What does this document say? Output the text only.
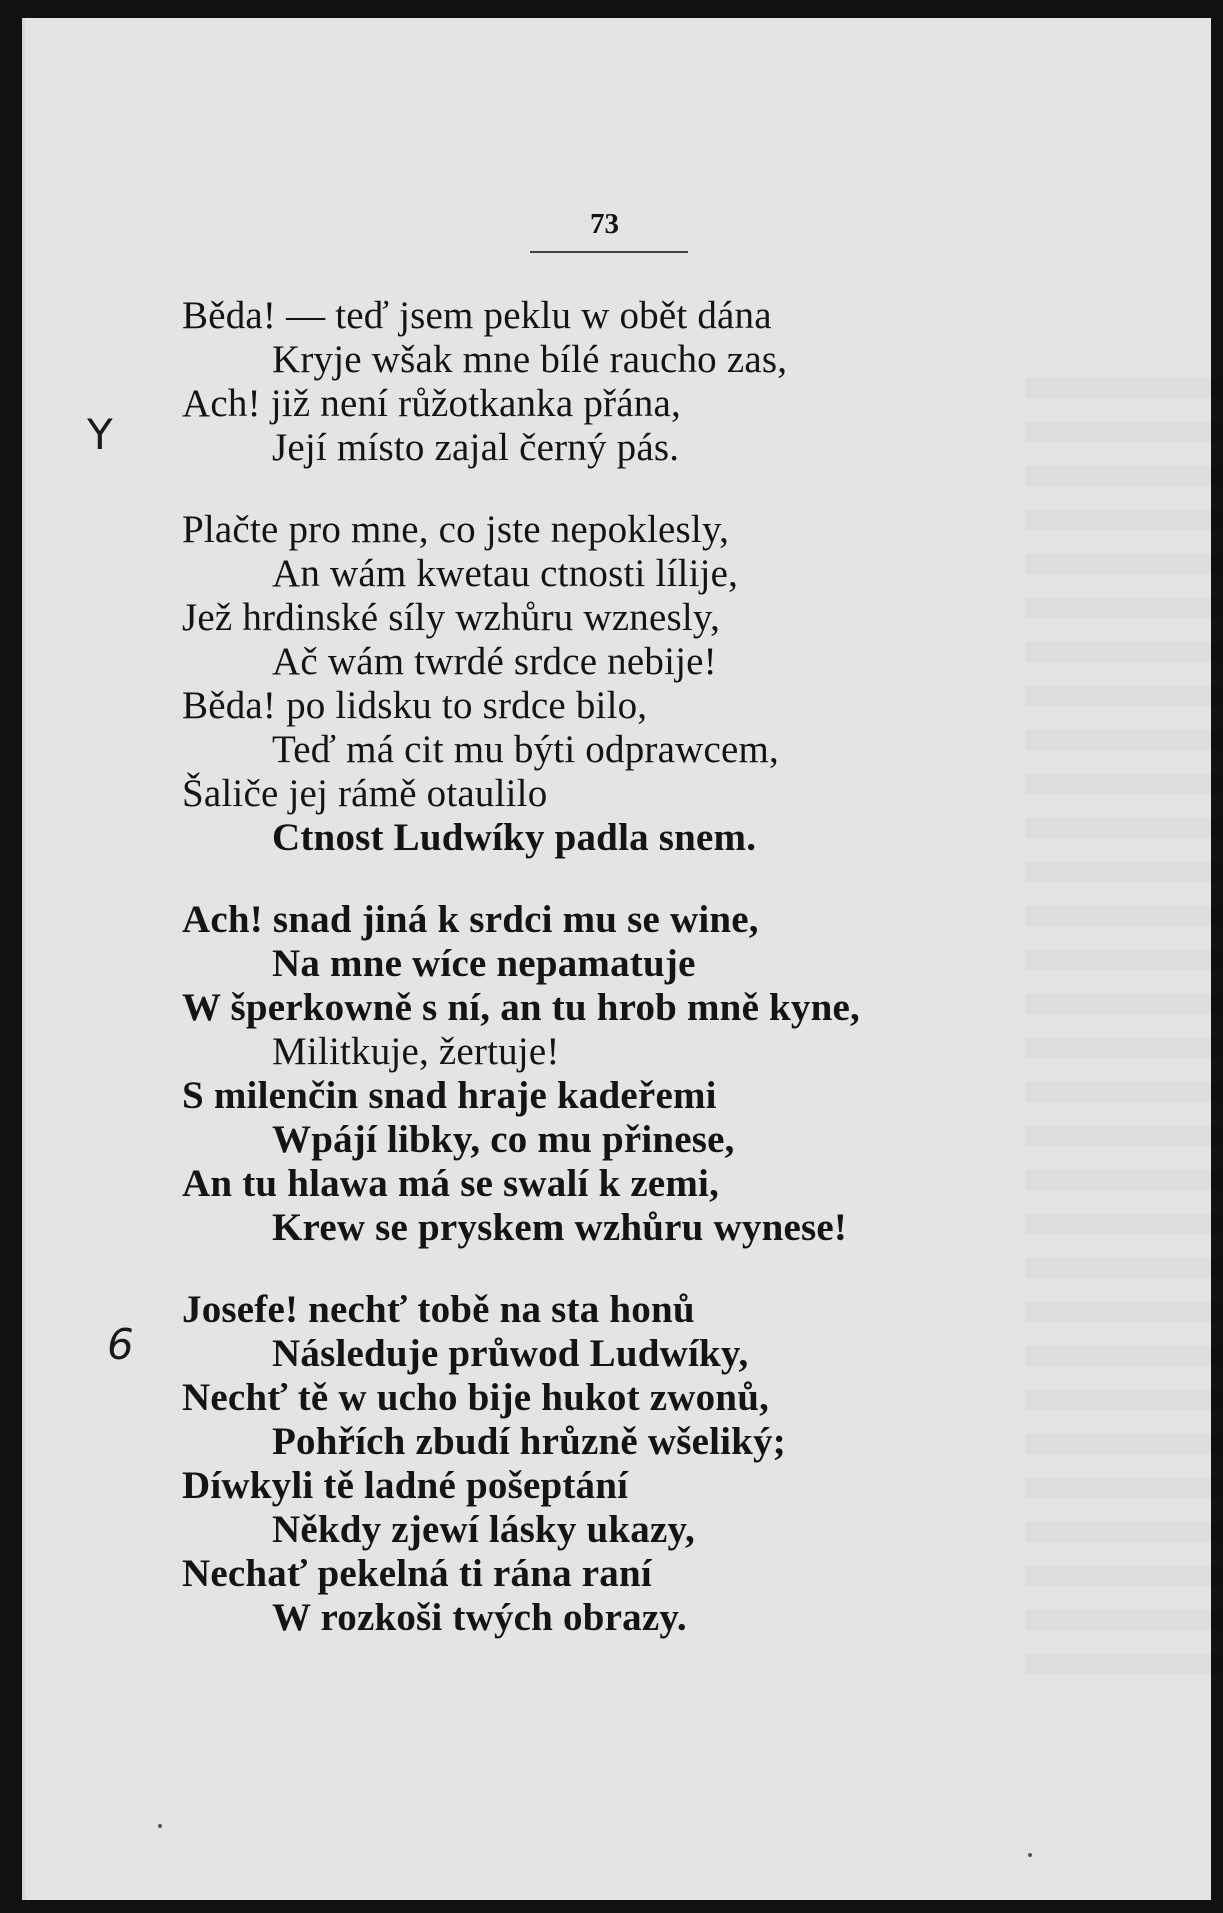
73
Y
6
Běda! — teď jsem peklu w obět dána
Kryje wšak mne bílé raucho zas,
Ach! již není růžotkanka přána,
Její místo zajal černý pás.
Plačte pro mne, co jste nepoklesly,
An wám kwetau ctnosti lílije,
Jež hrdinské síly wzhůru wznesly,
Ač wám twrdé srdce nebije!
Běda! po lidsku to srdce bilo,
Teď má cit mu býti odprawcem,
Šaliče jej rámě otaulilo
Ctnost Ludwíky padla snem.
Ach! snad jiná k srdci mu se wine,
Na mne wíce nepamatuje
W šperkowně s ní, an tu hrob mně kyne,
Militkuje, žertuje!
S milenčin snad hraje kadeřemi
Wpájí libky, co mu přinese,
An tu hlawa má se swalí k zemi,
Krew se pryskem wzhůru wynese!
Josefe! nechť tobě na sta honů
Následuje průwod Ludwíky,
Nechť tě w ucho bije hukot zwonů,
Pohřích zbudí hrůzně wšeliký;
Díwkyli tě ladné pošeptání
Někdy zjewí lásky ukazy,
Nechať pekelná ti rána raní
W rozkoši twých obrazy.
